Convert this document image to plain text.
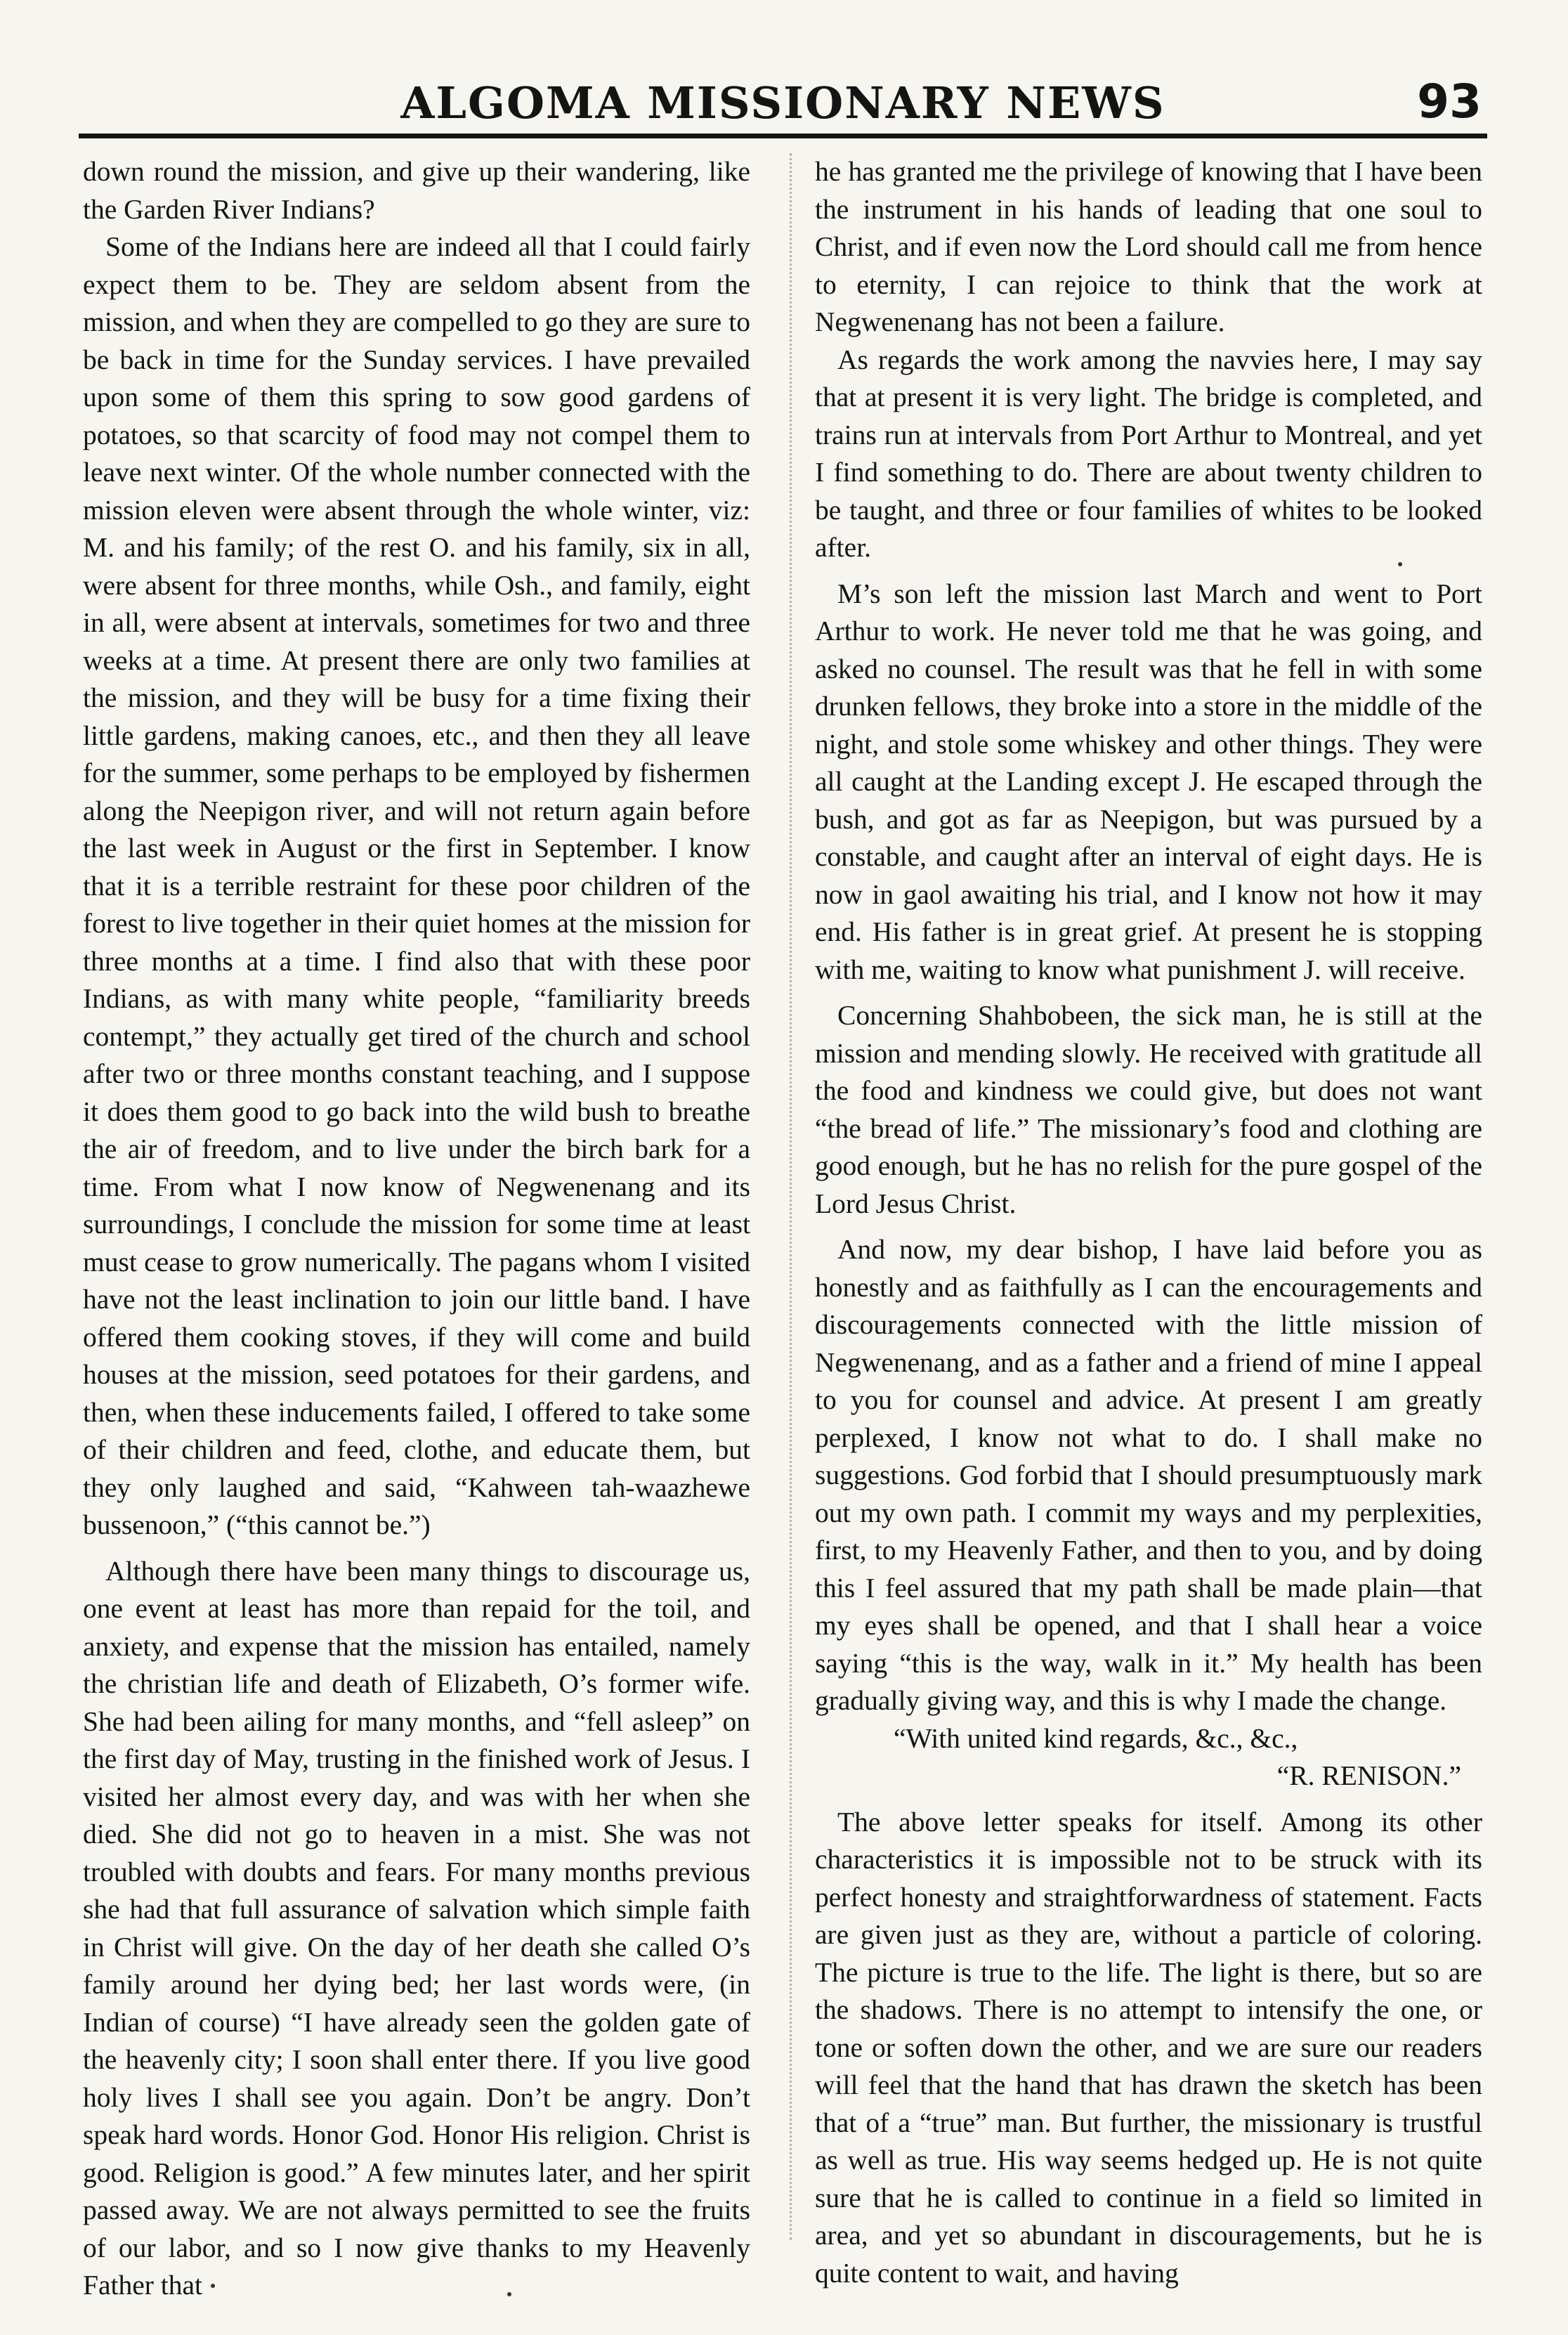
ALGOMA MISSIONARY NEWS	93

down round the mission, and give up their wandering, like the Garden River Indians?

Some of the Indians here are indeed all that I could fairly expect them to be. They are seldom absent from the mission, and when they are compelled to go they are sure to be back in time for the Sunday services. I have prevailed upon some of them this spring to sow good gardens of potatoes, so that scarcity of food may not compel them to leave next winter. Of the whole number connected with the mission eleven were absent through the whole winter, viz: M. and his family; of the rest O. and his family, six in all, were absent for three months, while Osh., and family, eight in all, were absent at intervals, sometimes for two and three weeks at a time. At present there are only two families at the mission, and they will be busy for a time fixing their little gardens, making canoes, etc., and then they all leave for the summer, some perhaps to be employed by fishermen along the Neepigon river, and will not return again before the last week in August or the first in September. I know that it is a terrible restraint for these poor children of the forest to live together in their quiet homes at the mission for three months at a time. I find also that with these poor Indians, as with many white people, “familiarity breeds contempt,” they actually get tired of the church and school after two or three months constant teaching, and I suppose it does them good to go back into the wild bush to breathe the air of freedom, and to live under the birch bark for a time. From what I now know of Negwenenang and its surroundings, I conclude the mission for some time at least must cease to grow numerically. The pagans whom I visited have not the least inclination to join our little band. I have offered them cooking stoves, if they will come and build houses at the mission, seed potatoes for their gardens, and then, when these inducements failed, I offered to take some of their children and feed, clothe, and educate them, but they only laughed and said, “Kahween tah-waazhewe bussenoon,” (“this cannot be.”)

Although there have been many things to discourage us, one event at least has more than repaid for the toil, and anxiety, and expense that the mission has entailed, namely the christian life and death of Elizabeth, O’s former wife. She had been ailing for many months, and “fell asleep” on the first day of May, trusting in the finished work of Jesus. I visited her almost every day, and was with her when she died. She did not go to heaven in a mist. She was not troubled with doubts and fears. For many months previous she had that full assurance of salvation which simple faith in Christ will give. On the day of her death she called O’s family around her dying bed; her last words were, (in Indian of course) “I have already seen the golden gate of the heavenly city; I soon shall enter there. If you live good holy lives I shall see you again. Don’t be angry. Don’t speak hard words. Honor God. Honor His religion. Christ is good. Religion is good.” A few minutes later, and her spirit passed away. We are not always permitted to see the fruits of our labor, and so I now give thanks to my Heavenly Father that

he has granted me the privilege of knowing that I have been the instrument in his hands of leading that one soul to Christ, and if even now the Lord should call me from hence to eternity, I can rejoice to think that the work at Negwenenang has not been a failure.

As regards the work among the navvies here, I may say that at present it is very light. The bridge is completed, and trains run at intervals from Port Arthur to Montreal, and yet I find something to do. There are about twenty children to be taught, and three or four families of whites to be looked after.

M’s son left the mission last March and went to Port Arthur to work. He never told me that he was going, and asked no counsel. The result was that he fell in with some drunken fellows, they broke into a store in the middle of the night, and stole some whiskey and other things. They were all caught at the Landing except J. He escaped through the bush, and got as far as Neepigon, but was pursued by a constable, and caught after an interval of eight days. He is now in gaol awaiting his trial, and I know not how it may end. His father is in great grief. At present he is stopping with me, waiting to know what punishment J. will receive.

Concerning Shahbobeen, the sick man, he is still at the mission and mending slowly. He received with gratitude all the food and kindness we could give, but does not want “the bread of life.” The missionary’s food and clothing are good enough, but he has no relish for the pure gospel of the Lord Jesus Christ.

And now, my dear bishop, I have laid before you as honestly and as faithfully as I can the encouragements and discouragements connected with the little mission of Negwenenang, and as a father and a friend of mine I appeal to you for counsel and advice. At present I am greatly perplexed, I know not what to do. I shall make no suggestions. God forbid that I should presumptuously mark out my own path. I commit my ways and my perplexities, first, to my Heavenly Father, and then to you, and by doing this I feel assured that my path shall be made plain—that my eyes shall be opened, and that I shall hear a voice saying “this is the way, walk in it.” My health has been gradually giving way, and this is why I made the change.

“With united kind regards, &c., &c.,

“R. RENISON.”

The above letter speaks for itself. Among its other characteristics it is impossible not to be struck with its perfect honesty and straightforwardness of statement. Facts are given just as they are, without a particle of coloring. The picture is true to the life. The light is there, but so are the shadows. There is no attempt to intensify the one, or tone or soften down the other, and we are sure our readers will feel that the hand that has drawn the sketch has been that of a “true” man. But further, the missionary is trustful as well as true. His way seems hedged up. He is not quite sure that he is called to continue in a field so limited in area, and yet so abundant in discouragements, but he is quite content to wait, and having
